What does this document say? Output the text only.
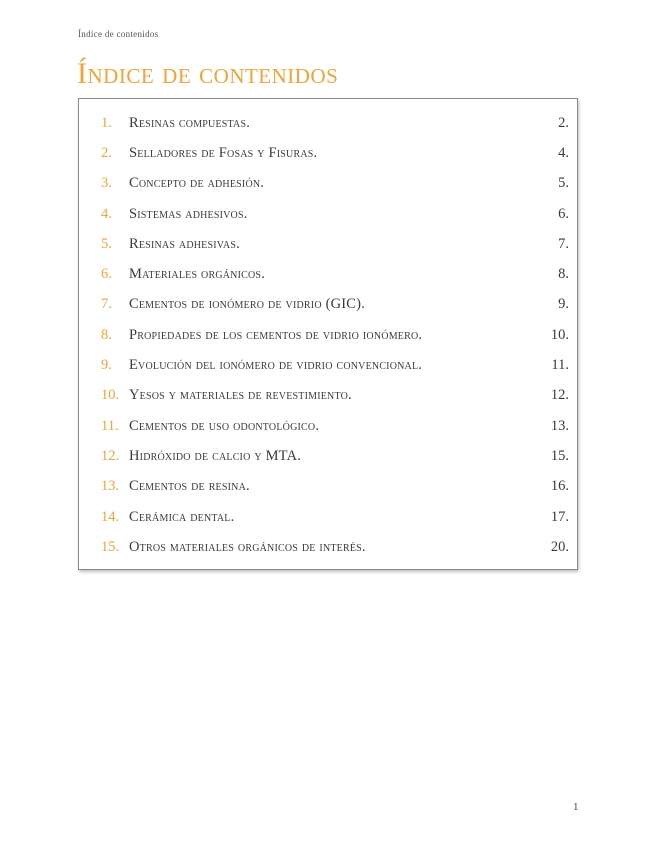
Índice de contenidos
Índice de contenidos
1.	Resinas compuestas.	2.
2.	Selladores de Fosas y Fisuras.	4.
3.	Concepto de adhesión.	5.
4.	Sistemas adhesivos.	6.
5.	Resinas adhesivas.	7.
6.	Materiales orgánicos.	8.
7.	Cementos de ionómero de vidrio (GIC).	9.
8.	Propiedades de los cementos de vidrio ionómero.	10.
9.	Evolución del ionómero de vidrio convencional.	11.
10. Yesos y materiales de revestimiento.	12.
11. Cementos de uso odontológico.	13.
12. Hidróxido de calcio y MTA.	15.
13. Cementos de resina.	16.
14. Cerámica dental.	17.
15. Otros materiales orgánicos de interés.	20.
1
